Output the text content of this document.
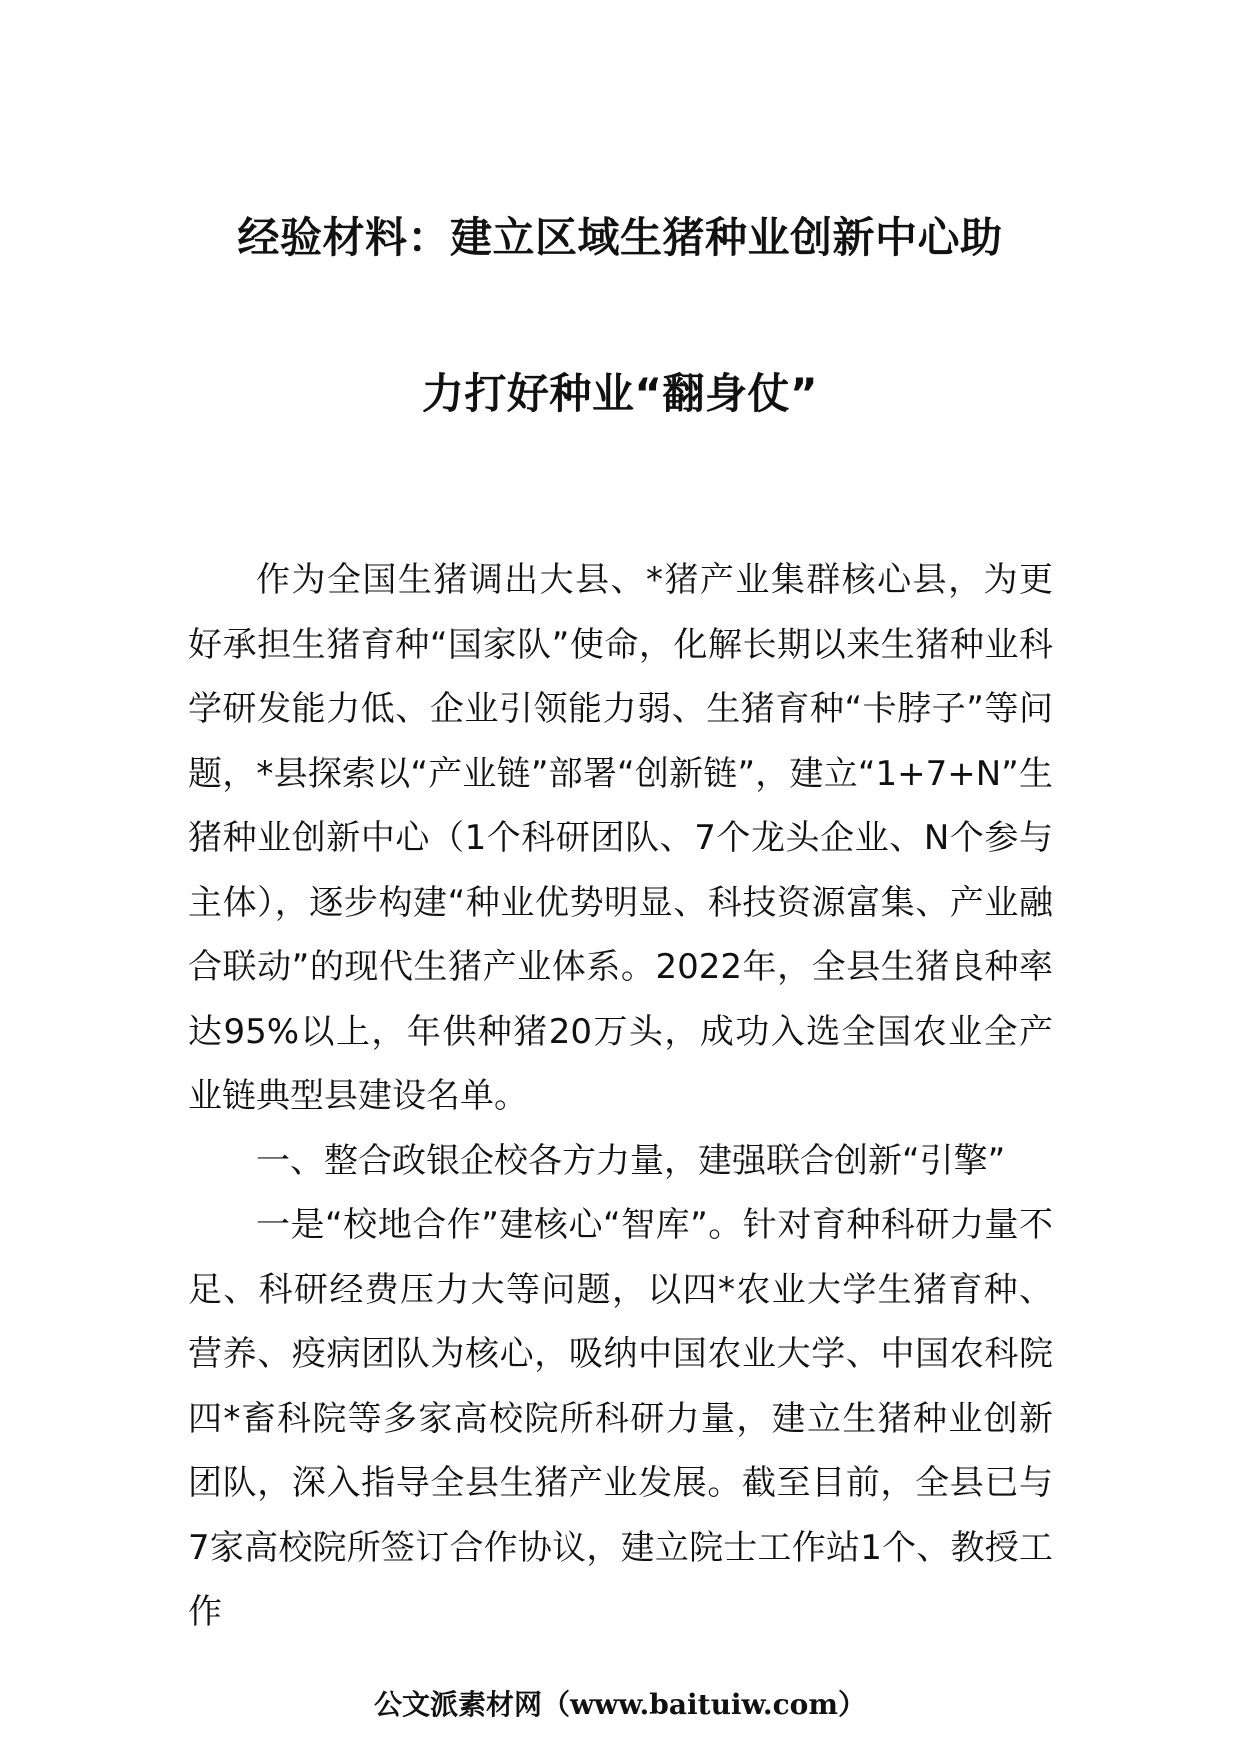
经验材料：建立区域生猪种业创新中心助
力打好种业“翻身仗”

作为全国生猪调出大县、*猪产业集群核心县，为更好承担生猪育种“国家队”使命，化解长期以来生猪种业科学研发能力低、企业引领能力弱、生猪育种“卡脖子”等问题，*县探索以“产业链”部署“创新链”，建立“1+7+N”生猪种业创新中心（1个科研团队、7个龙头企业、N个参与主体），逐步构建“种业优势明显、科技资源富集、产业融合联动”的现代生猪产业体系。2022年，全县生猪良种率达95%以上，年供种猪20万头，成功入选全国农业全产业链典型县建设名单。

一、整合政银企校各方力量，建强联合创新“引擎”

一是“校地合作”建核心“智库”。针对育种科研力量不足、科研经费压力大等问题，以四*农业大学生猪育种、营养、疫病团队为核心，吸纳中国农业大学、中国农科院四*畜科院等多家高校院所科研力量，建立生猪种业创新团队，深入指导全县生猪产业发展。截至目前，全县已与7家高校院所签订合作协议，建立院士工作站1个、教授工作

公文派素材网（www.baituiw.com）
